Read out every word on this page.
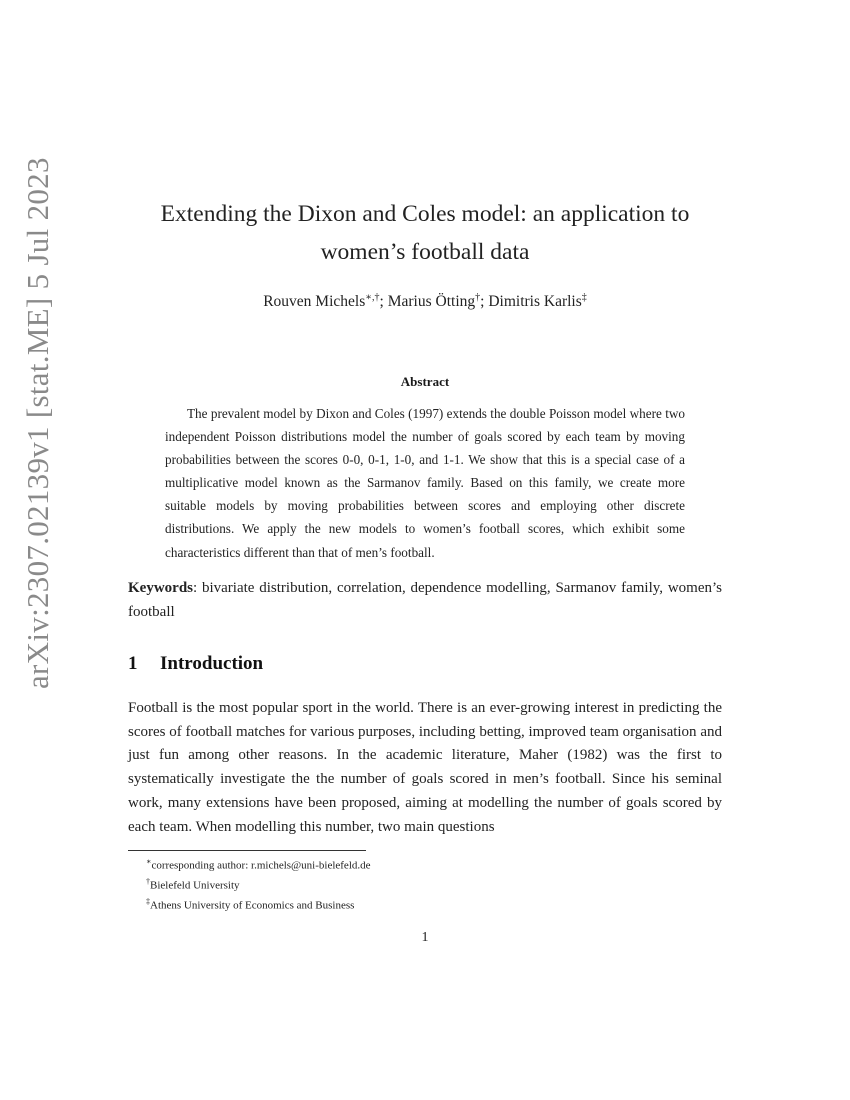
arXiv:2307.02139v1 [stat.ME] 5 Jul 2023	Extending the Dixon and Coles model: an application to
women’s football data
Rouven Michels∗,†; Marius Ötting†; Dimitris Karlis‡
Abstract
The prevalent model by Dixon and Coles (1997) extends the double Poisson model where two independent Poisson distributions model the number of goals scored by each team by moving probabilities between the scores 0-0, 0-1, 1-0, and 1-1. We show that this is a special case of a multiplicative model known as the Sarmanov family. Based on this family, we create more suitable models by moving probabilities between scores and employing other discrete distributions. We apply the new models to women’s football scores, which exhibit some characteristics different than that of men’s football.
Keywords: bivariate distribution, correlation, dependence modelling, Sarmanov family, women’s football
1 Introduction
Football is the most popular sport in the world. There is an ever-growing interest in predicting the scores of football matches for various purposes, including betting, improved team organisation and just fun among other reasons. In the academic literature, Maher (1982) was the first to systematically investigate the the number of goals scored in men’s football. Since his seminal work, many extensions have been proposed, aiming at modelling the number of goals scored by each team. When modelling this number, two main questions
∗corresponding author: r.michels@uni-bielefeld.de
†Bielefeld University
‡Athens University of Economics and Business
1
